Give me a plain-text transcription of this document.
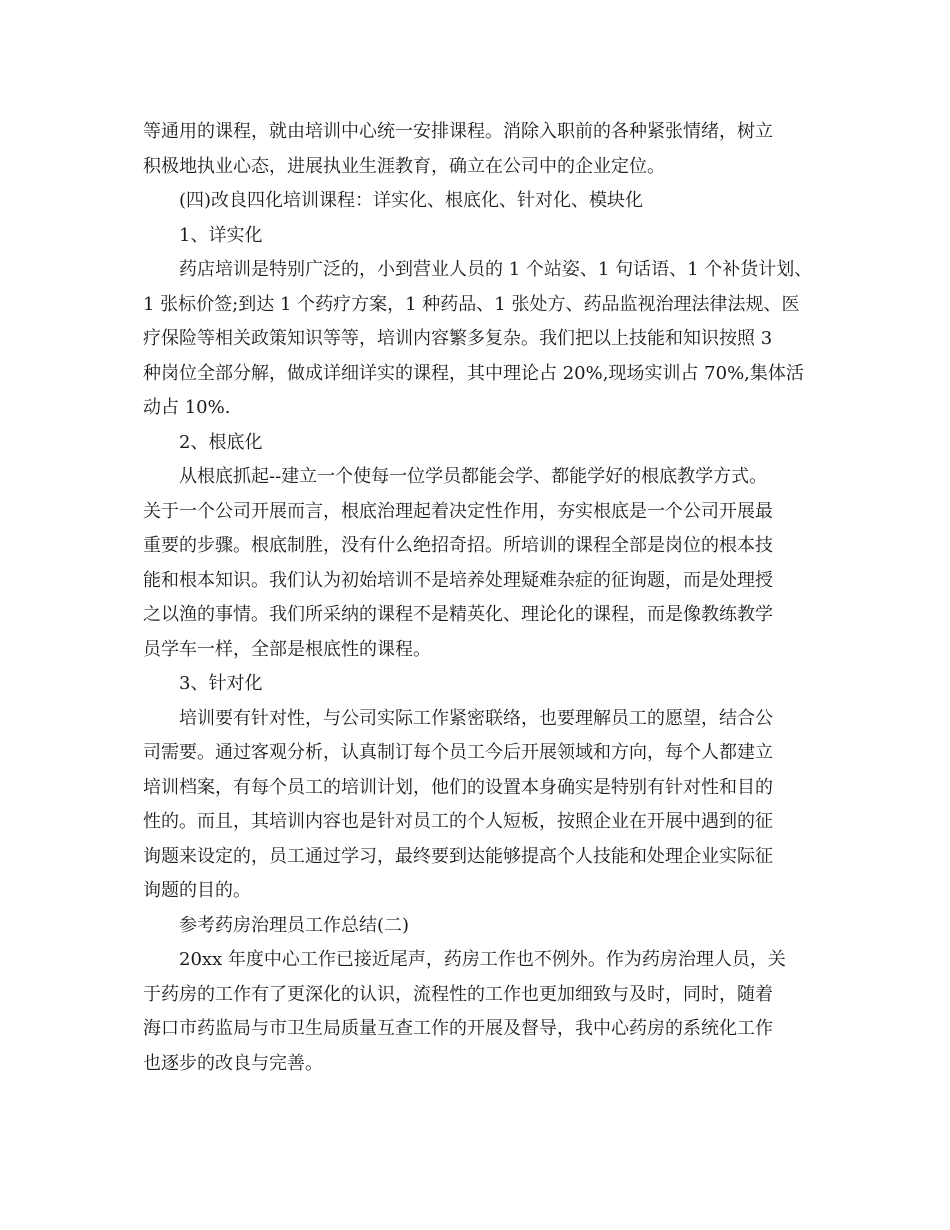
等通用的课程，就由培训中心统一安排课程。消除入职前的各种紧张情绪，树立
积极地执业心态，进展执业生涯教育，确立在公司中的企业定位。
(四)改良四化培训课程：详实化、根底化、针对化、模块化
1、详实化
药店培训是特别广泛的，小到营业人员的 1 个站姿、1 句话语、1 个补货计划、
1 张标价签;到达 1 个药疗方案，1 种药品、1 张处方、药品监视治理法律法规、医
疗保险等相关政策知识等等，培训内容繁多复杂。我们把以上技能和知识按照 3
种岗位全部分解，做成详细详实的课程，其中理论占 20%,现场实训占 70%,集体活
动占 10%.
2、根底化
从根底抓起--建立一个使每一位学员都能会学、都能学好的根底教学方式。
关于一个公司开展而言，根底治理起着决定性作用，夯实根底是一个公司开展最
重要的步骤。根底制胜，没有什么绝招奇招。所培训的课程全部是岗位的根本技
能和根本知识。我们认为初始培训不是培养处理疑难杂症的征询题，而是处理授
之以渔的事情。我们所采纳的课程不是精英化、理论化的课程，而是像教练教学
员学车一样，全部是根底性的课程。
3、针对化
培训要有针对性，与公司实际工作紧密联络，也要理解员工的愿望，结合公
司需要。通过客观分析，认真制订每个员工今后开展领域和方向，每个人都建立
培训档案，有每个员工的培训计划，他们的设置本身确实是特别有针对性和目的
性的。而且，其培训内容也是针对员工的个人短板，按照企业在开展中遇到的征
询题来设定的，员工通过学习，最终要到达能够提高个人技能和处理企业实际征
询题的目的。
参考药房治理员工作总结(二)
20xx 年度中心工作已接近尾声，药房工作也不例外。作为药房治理人员，关
于药房的工作有了更深化的认识，流程性的工作也更加细致与及时，同时，随着
海口市药监局与市卫生局质量互查工作的开展及督导，我中心药房的系统化工作
也逐步的改良与完善。
